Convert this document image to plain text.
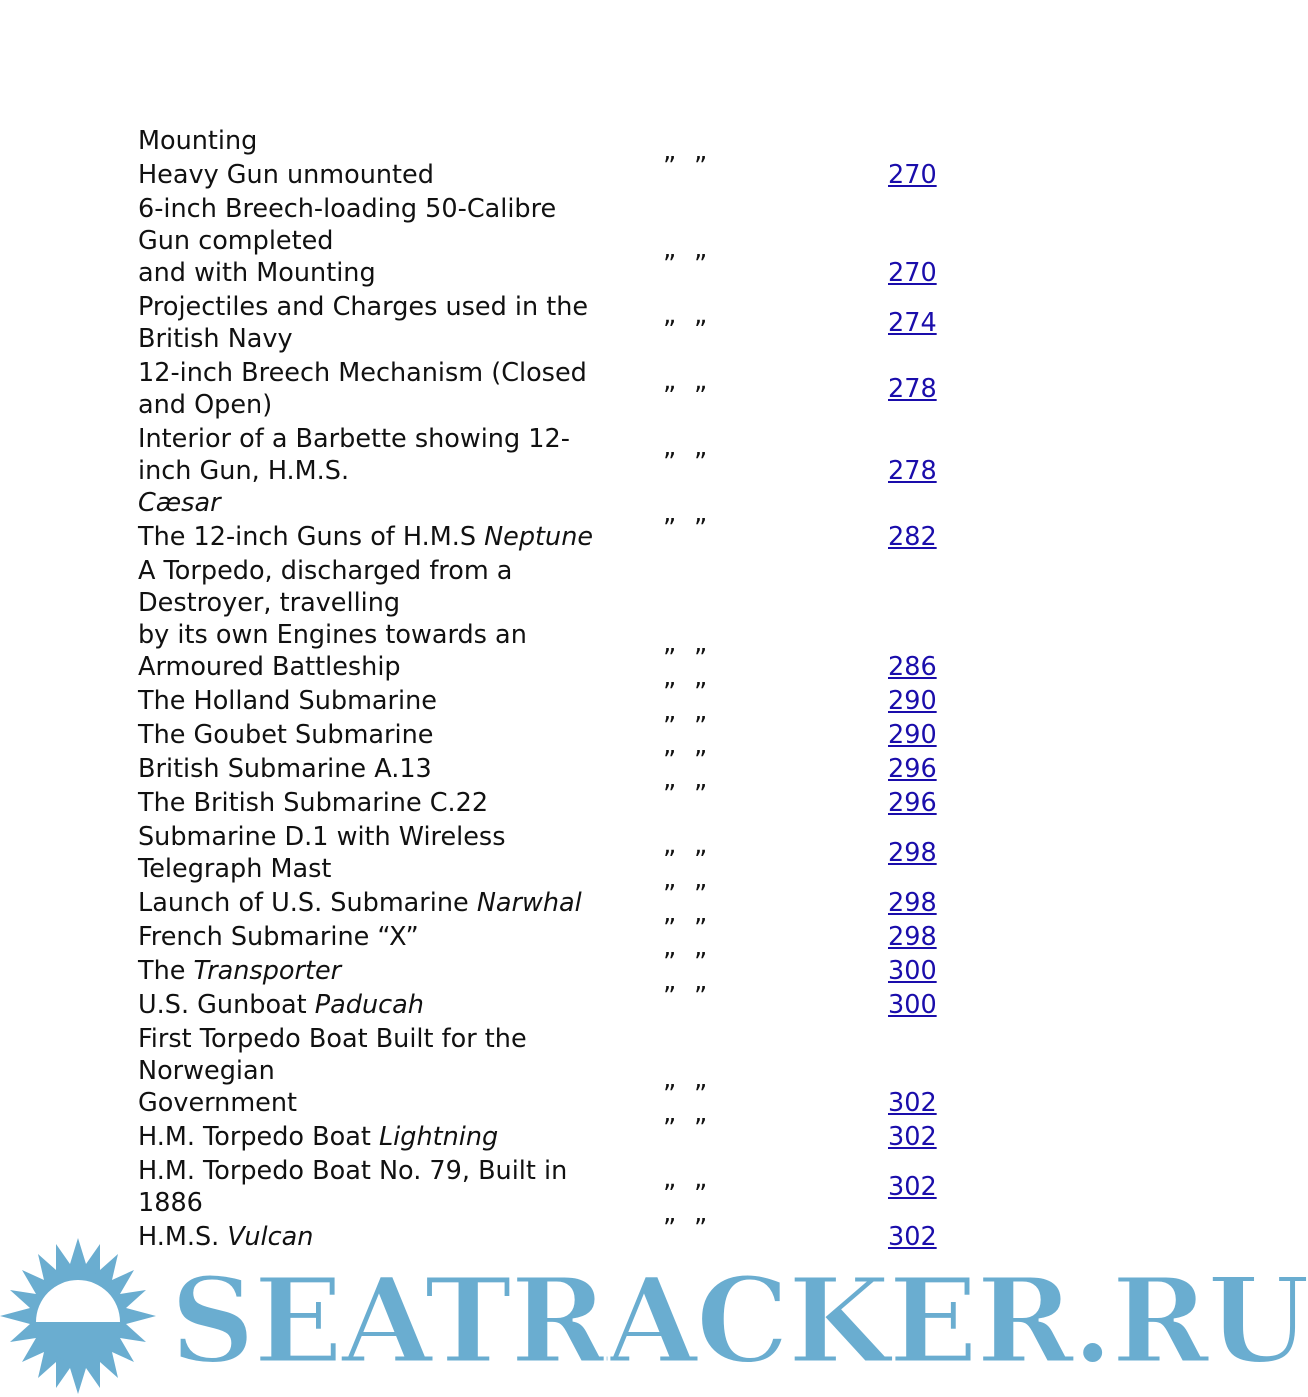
Mounting
Heavy Gun unmounted	” ”	270
6-inch Breech-loading 50-Calibre
Gun completed
and with Mounting	” ”	270
Projectiles and Charges used in the British Navy
„ „	274
12-inch Breech Mechanism (Closed and Open)
„ „	278
Interior of a Barbette showing 12-
inch Gun, H.M.S.
Cæsar
” ”	278
The 12-inch Guns of H.M.S Neptune	” ”	282
A Torpedo, discharged from a
Destroyer, travelling
by its own Engines towards an
Armoured Battleship	” ”	286
The Holland Submarine	” ”	290
The Goubet Submarine	” ”	290
British Submarine A.13	” ”	296
The British Submarine C.22	” ”	296
Submarine D.1 with Wireless Telegraph Mast
„ „	298
Launch of U.S. Submarine Narwhal	” ”	298
French Submarine “X”	” ”	298
The Transporter	” ”	300
U.S. Gunboat Paducah	” ”	300
First Torpedo Boat Built for the
Norwegian
Government	” ”	302
H.M. Torpedo Boat Lightning	” ”	302
H.M. Torpedo Boat No. 79, Built in 1886
„ „	302
H.M.S. Vulcan	” ”	302
SEATRACKER.RU
